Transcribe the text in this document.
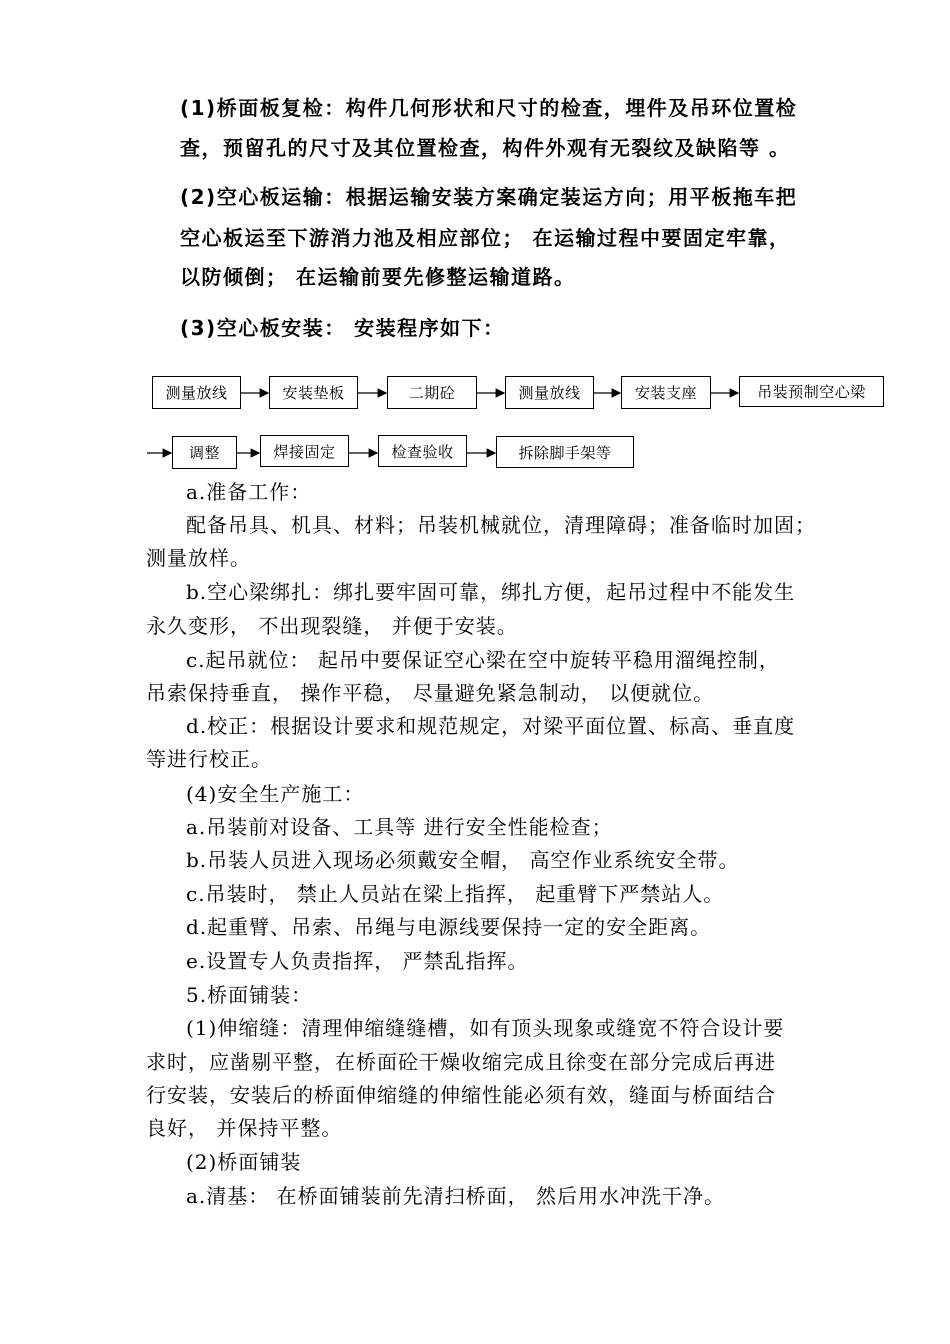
(1)桥面板复检：构件几何形状和尺寸的检查，埋件及吊环位置检
查，预留孔的尺寸及其位置检查，构件外观有无裂纹及缺陷等 。
(2)空心板运输：根据运输安装方案确定装运方向；用平板拖车把
空心板运至下游消力池及相应部位； 在运输过程中要固定牢靠，
以防倾倒； 在运输前要先修整运输道路。
(3)空心板安装： 安装程序如下：
测量放线	安装垫板	二期砼	测量放线	安装支座	吊装预制空心梁
调整	焊接固定	检查验收	拆除脚手架等
a.准备工作：
配备吊具、机具、材料；吊装机械就位，清理障碍；准备临时加固；
测量放样。
b.空心梁绑扎：绑扎要牢固可靠，绑扎方便，起吊过程中不能发生
永久变形， 不出现裂缝， 并便于安装。
c.起吊就位： 起吊中要保证空心梁在空中旋转平稳用溜绳控制，
吊索保持垂直， 操作平稳， 尽量避免紧急制动， 以便就位。
d.校正：根据设计要求和规范规定，对梁平面位置、标高、垂直度
等进行校正。
(4)安全生产施工：
a.吊装前对设备、工具等 进行安全性能检查；
b.吊装人员进入现场必须戴安全帽， 高空作业系统安全带。
c.吊装时， 禁止人员站在梁上指挥， 起重臂下严禁站人。
d.起重臂、吊索、吊绳与电源线要保持一定的安全距离。
e.设置专人负责指挥， 严禁乱指挥。
5.桥面铺装：
(1)伸缩缝：清理伸缩缝缝槽，如有顶头现象或缝宽不符合设计要
求时，应凿剔平整，在桥面砼干燥收缩完成且徐变在部分完成后再进
行安装，安装后的桥面伸缩缝的伸缩性能必须有效，缝面与桥面结合
良好， 并保持平整。
(2)桥面铺装
a.清基： 在桥面铺装前先清扫桥面， 然后用水冲洗干净。
